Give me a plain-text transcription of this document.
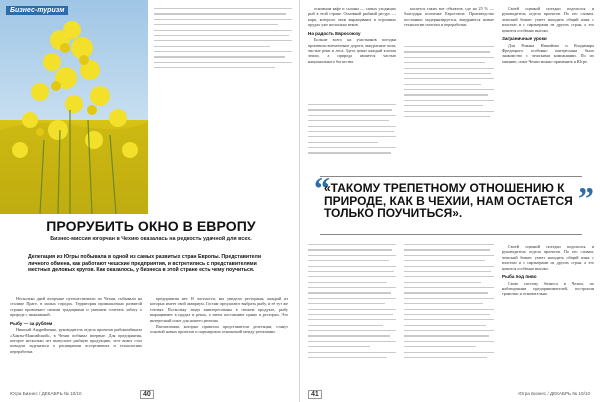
Бизнес-туризм
ПРОРУБИТЬ ОКНО В ЕВРОПУ
Бизнес-миссия югорчан в Чехию оказалась на редкость удачной для всех.
Делегация из Югры побывала в одной из самых развитых стран Европы. Представители личного обмена, как работают чешские предприятия, и встретились с представителями местных деловых кругов. Как оказалось, у бизнеса в этой стране есть чему поучиться.

Несколько дней югорчане путешествовали по Чехии, побывали на столице Праге, в малых городах. Территория промышленно развитой страны привлекает своими традициями и умением сочетать заботу о природе с экономикой.

Рыбу — за рублем

Николай Андрейченко, руководитель отдела проектов рыбокомбината «Ханты-Мансийский», в Чехии побывал впервые. Для предприятия, которое несколько лет выпускает рыбную продукцию, этот визит стал поводом задуматься о расширении ассортимента и технологиях переработки.

предприятия нет. В частности, мы увидели рестораны, каждый из которых имеет свой аквариум. Гостям предлагают выбрать рыбу, и её тут же готовят. Поскольку люди заинтересованы в свежем продукте, рыбу выращивают в прудах и реках, а затем поставляют прямо в ресторан. Это интересный опыт для нашего региона.

Впечатления, которые привезли представители делегации, станут основой новых проектов и партнерских отношений между регионами.

Югра Бизнес / ДЕКАБРЬ № 10/10	40

основном кафе и салоны — самых уходящих рыб в этой стране. Основной рыбный ресурс — карп, которого чехи выращивают в огромных прудах уже несколько веков.

На радость Евросоюзу

Больше всего на участников поездки произвели впечатление дороги, аккуратные поля, чистые реки и леса. Здесь ценят каждый клочок земли, а природа является частью национального богатства.

касается таких вот объектов, где на 25 % — благодаря политике Евросоюза. Производство постоянно модернизируется, внедряются новые технологии очистки и переработки.

Своей оценкой поездки поделился и руководитель отдела проектов. По его словам, чешский бизнес умеет находить общий язык с властью и с партнерами из других стран, а это ценится особенно высоко.

Заграничные уроки

Для Романа Нимийова и Владимира Фредецкого особенно интересным было знакомство с чешскими компаниями. По их мнению, опыт Чехии можно применить в Югре.

“
«ТАКОМУ ТРЕПЕТНОМУ ОТНОШЕНИЮ К ПРИРОДЕ, КАК В ЧЕХИИ, НАМ ОСТАЕТСЯ ТОЛЬКО ПОУЧИТЬСЯ».	”

Своей оценкой поездки поделился и руководитель отдела проектов. По его словам, чешский бизнес умеет находить общий язык с властью и с партнерами из других стран, а это ценится особенно высоко.

Рыба под пиво

Свою систему бизнеса в Чехии, по наблюдениям предпринимателей, построили грамотно и основательно.

41	Югра Бизнес / ДЕКАБРЬ № 10/10
